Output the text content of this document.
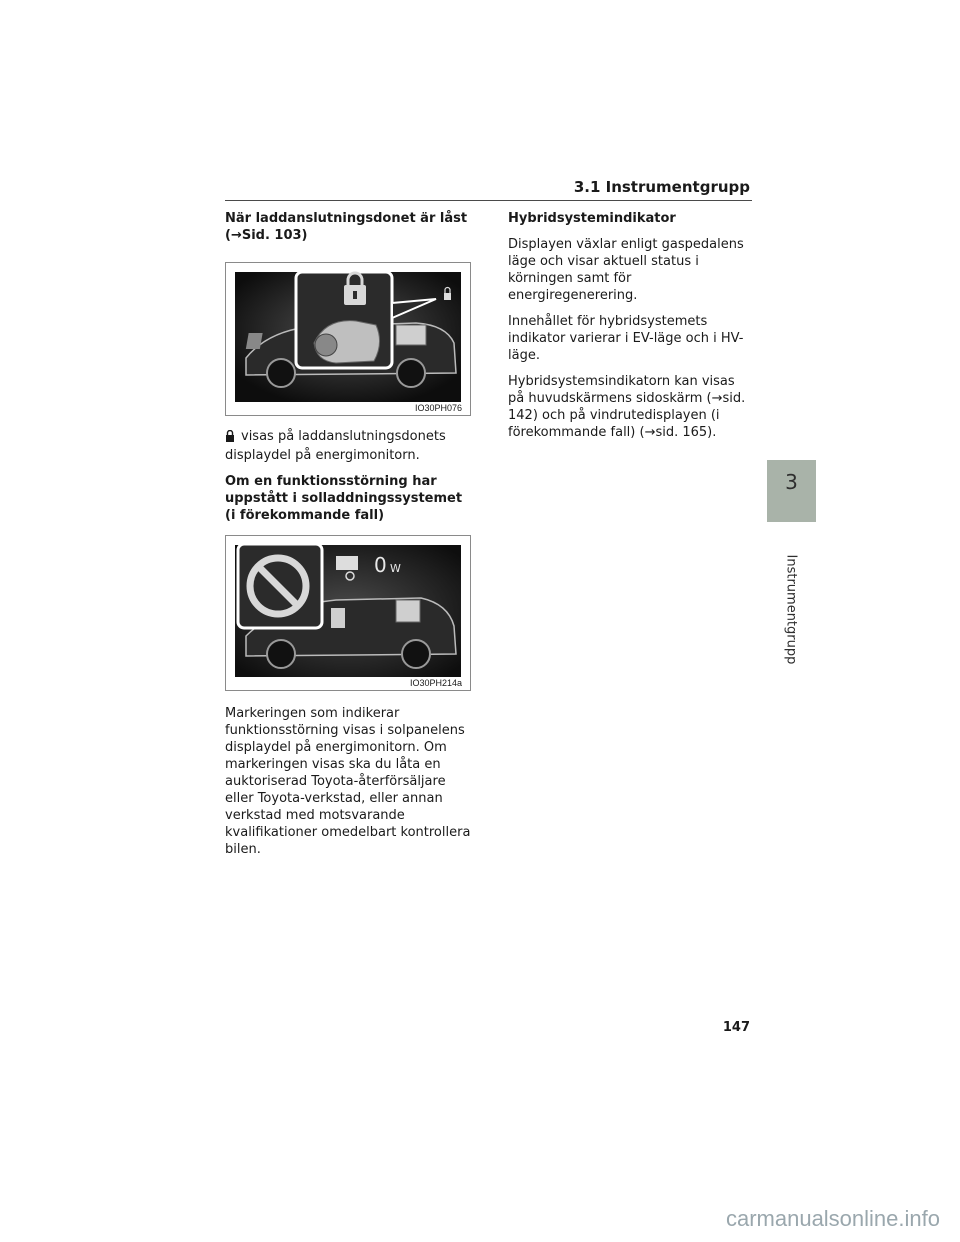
3.1 Instrumentgrupp

När laddanslutningsdonet är låst (→Sid. 103)

IO30PH076

visas på laddanslutningsdonets displaydel på energimonitorn.

Om en funktionsstörning har uppstått i solladdningssystemet (i förekommande fall)

0 W
IO30PH214a

Markeringen som indikerar funktionsstörning visas i solpanelens displaydel på energimonitorn. Om markeringen visas ska du låta en auktoriserad Toyota-återförsäljare eller Toyota-verkstad, eller annan verkstad med motsvarande kvalifikationer omedelbart kontrollera bilen.

Hybridsystemindikator

Displayen växlar enligt gaspedalens läge och visar aktuell status i körningen samt för energiregenerering.

Innehållet för hybridsystemets indikator varierar i EV-läge och i HV-läge.

Hybridsystemsindikatorn kan visas på huvudskärmens sidoskärm (→sid. 142) och på vindrutedisplayen (i förekommande fall) (→sid. 165).

3
Instrumentgrupp
147
carmanualsonline.info
